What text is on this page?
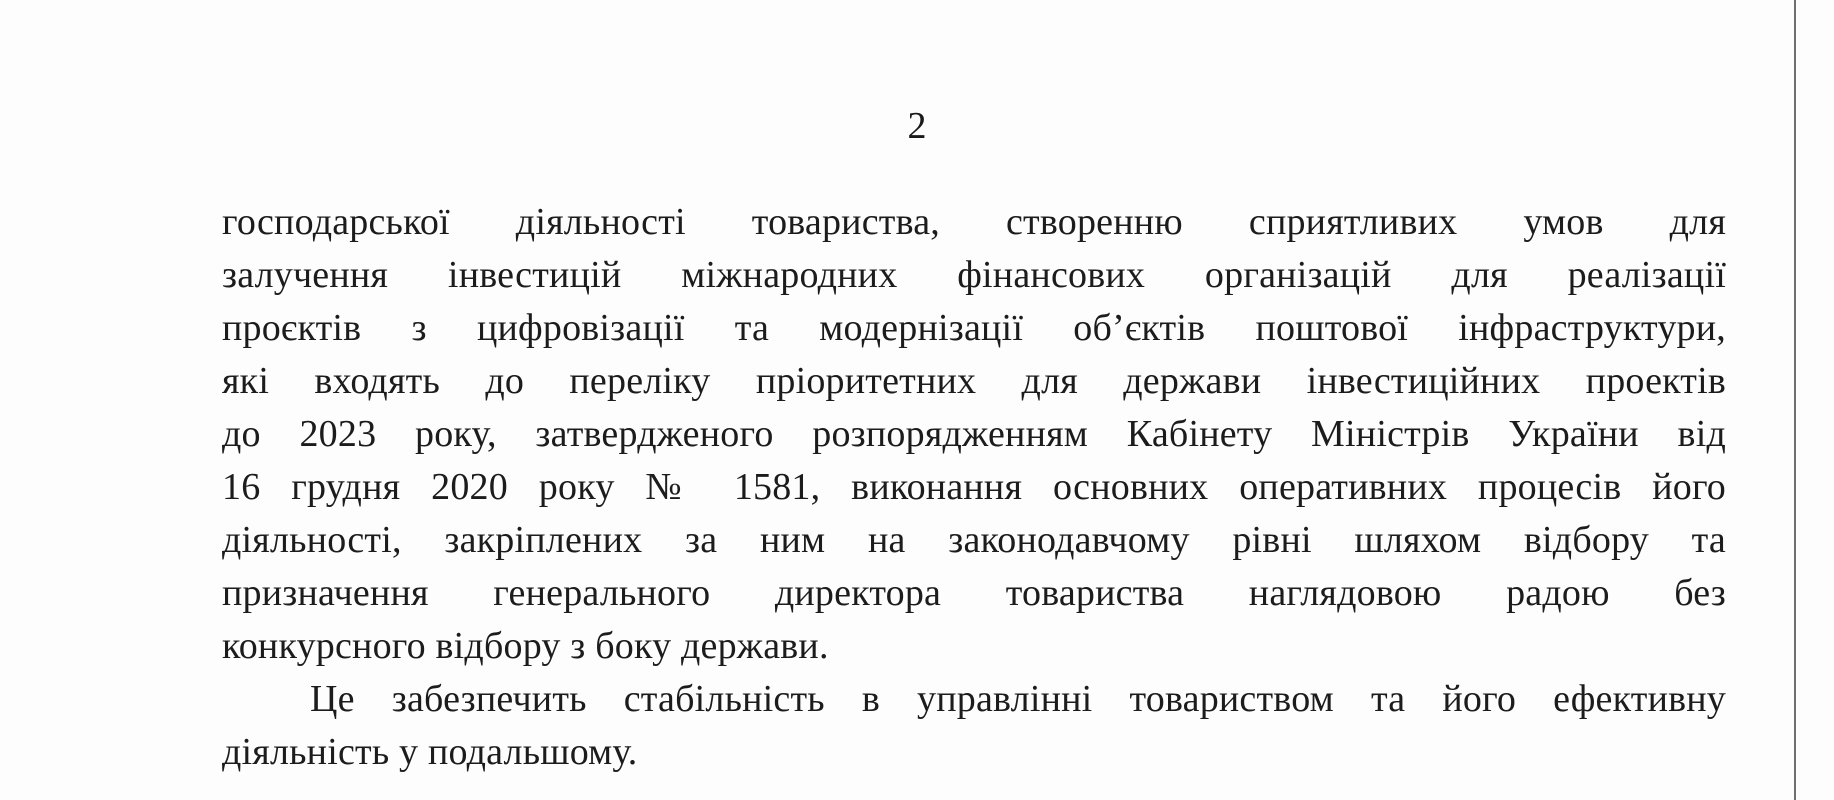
2
господарської діяльності товариства, створенню сприятливих умов для
залучення інвестицій міжнародних фінансових організацій для реалізації
проєктів з цифровізації та модернізації об’єктів поштової інфраструктури,
які входять до переліку пріоритетних для держави інвестиційних проектів
до 2023 року, затвердженого розпорядженням Кабінету Міністрів України від
16 грудня 2020 року № 1581, виконання основних оперативних процесів його
діяльності, закріплених за ним на законодавчому рівні шляхом відбору та
призначення генерального директора товариства наглядовою радою без
конкурсного відбору з боку держави.
Це забезпечить стабільність в управлінні товариством та його ефективну
діяльність у подальшому.
